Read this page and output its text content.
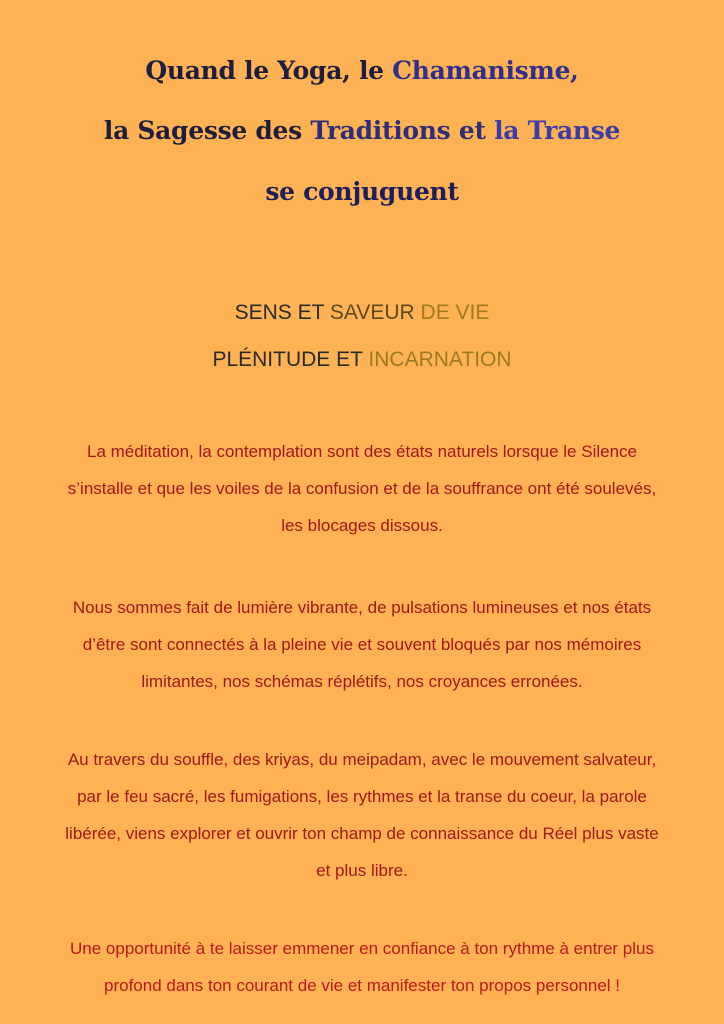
Quand le Yoga, le Chamanisme,
la Sagesse des Traditions et la Transe
se conjuguent
SENS ET SAVEUR DE VIE
PLÉNITUDE ET INCARNATION
La méditation, la contemplation sont des états naturels lorsque le Silence
s’installe et que les voiles de la confusion et de la souffrance ont été soulevés,
les blocages dissous.
Nous sommes fait de lumière vibrante, de pulsations lumineuses et nos états
d’être sont connectés à la pleine vie et souvent bloqués par nos mémoires
limitantes, nos schémas réplétifs, nos croyances erronées.
Au travers du souffle, des kriyas, du meipadam, avec le mouvement salvateur,
par le feu sacré, les fumigations, les rythmes et la transe du coeur, la parole
libérée, viens explorer et ouvrir ton champ de connaissance du Réel plus vaste
et plus libre.
Une opportunité à te laisser emmener en confiance à ton rythme à entrer plus
profond dans ton courant de vie et manifester ton propos personnel !
